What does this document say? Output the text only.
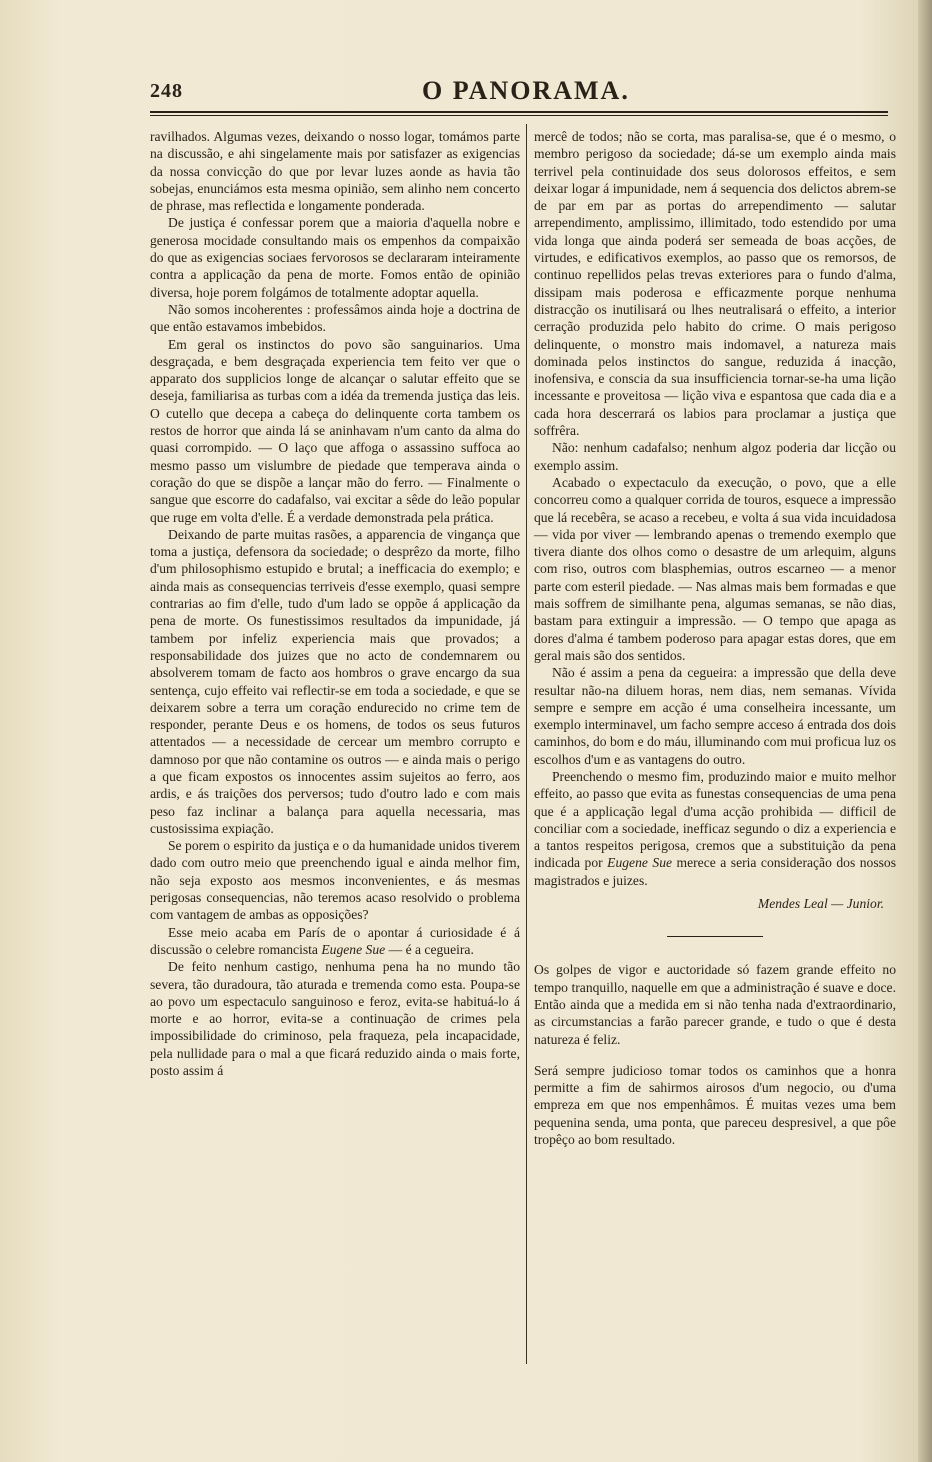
248	O PANORAMA.

ravilhados. Algumas vezes, deixando o nosso logar, tomámos parte na discussão, e ahi singelamente mais por satisfazer as exigencias da nossa convicção do que por levar luzes aonde as havia tão sobejas, enunciámos esta mesma opinião, sem alinho nem concerto de phrase, mas reflectida e longamente ponderada.

De justiça é confessar porem que a maioria d'aquella nobre e generosa mocidade consultando mais os empenhos da compaixão do que as exigencias sociaes fervorosos se declararam inteiramente contra a applicação da pena de morte. Fomos então de opinião diversa, hoje porem folgámos de totalmente adoptar aquella.

Não somos incoherentes : professâmos ainda hoje a doctrina de que então estavamos imbebidos.

Em geral os instinctos do povo são sanguinarios. Uma desgraçada, e bem desgraçada experiencia tem feito ver que o apparato dos supplicios longe de alcançar o salutar effeito que se deseja, familiarisa as turbas com a idéa da tremenda justiça das leis. O cutello que decepa a cabeça do delinquente corta tambem os restos de horror que ainda lá se aninhavam n'um canto da alma do quasi corrompido. — O laço que affoga o assassino suffoca ao mesmo passo um vislumbre de piedade que temperava ainda o coração do que se dispõe a lançar mão do ferro. — Finalmente o sangue que escorre do cadafalso, vai excitar a sêde do leão popular que ruge em volta d'elle. É a verdade demonstrada pela prática.

Deixando de parte muitas rasões, a apparencia de vingança que toma a justiça, defensora da sociedade; o desprêzo da morte, filho d'um philosophismo estupido e brutal; a inefficacia do exemplo; e ainda mais as consequencias terriveis d'esse exemplo, quasi sempre contrarias ao fim d'elle, tudo d'um lado se oppõe á applicação da pena de morte. Os funestissimos resultados da impunidade, já tambem por infeliz experiencia mais que provados; a responsabilidade dos juizes que no acto de condemnarem ou absolverem tomam de facto aos hombros o grave encargo da sua sentença, cujo effeito vai reflectir-se em toda a sociedade, e que se deixarem sobre a terra um coração endurecido no crime tem de responder, perante Deus e os homens, de todos os seus futuros attentados — a necessidade de cercear um membro corrupto e damnoso por que não contamine os outros — e ainda mais o perigo a que ficam expostos os innocentes assim sujeitos ao ferro, aos ardis, e ás traições dos perversos; tudo d'outro lado e com mais peso faz inclinar a balança para aquella necessaria, mas custosissima expiação.

Se porem o espirito da justiça e o da humanidade unidos tiverem dado com outro meio que preenchendo igual e ainda melhor fim, não seja exposto aos mesmos inconvenientes, e ás mesmas perigosas consequencias, não teremos acaso resolvido o problema com vantagem de ambas as opposições?

Esse meio acaba em París de o apontar á curiosidade é á discussão o celebre romancista Eugene Sue — é a cegueira.

De feito nenhum castigo, nenhuma pena ha no mundo tão severa, tão duradoura, tão aturada e tremenda como esta. Poupa-se ao povo um espectaculo sanguinoso e feroz, evita-se habituá-lo á morte e ao horror, evita-se a continuação de crimes pela impossibilidade do criminoso, pela fraqueza, pela incapacidade, pela nullidade para o mal a que ficará reduzido ainda o mais forte, posto assim á

mercê de todos; não se corta, mas paralisa-se, que é o mesmo, o membro perigoso da sociedade; dá-se um exemplo ainda mais terrivel pela continuidade dos seus dolorosos effeitos, e sem deixar logar á impunidade, nem á sequencia dos delictos abrem-se de par em par as portas do arrependimento — salutar arrependimento, amplissimo, illimitado, todo estendido por uma vida longa que ainda poderá ser semeada de boas acções, de virtudes, e edificativos exemplos, ao passo que os remorsos, de continuo repellidos pelas trevas exteriores para o fundo d'alma, dissipam mais poderosa e efficazmente porque nenhuma distracção os inutilisará ou lhes neutralisará o effeito, a interior cerração produzida pelo habito do crime. O mais perigoso delinquente, o monstro mais indomavel, a natureza mais dominada pelos instinctos do sangue, reduzida á inacção, inofensiva, e conscia da sua insufficiencia tornar-se-ha uma lição incessante e proveitosa — lição viva e espantosa que cada dia e a cada hora descerrará os labios para proclamar a justiça que soffrêra.

Não: nenhum cadafalso; nenhum algoz poderia dar licção ou exemplo assim.

Acabado o expectaculo da execução, o povo, que a elle concorreu como a qualquer corrida de touros, esquece a impressão que lá recebêra, se acaso a recebeu, e volta á sua vida incuidadosa — vida por viver — lembrando apenas o tremendo exemplo que tivera diante dos olhos como o desastre de um arlequim, alguns com riso, outros com blasphemias, outros escarneo — a menor parte com esteril piedade. — Nas almas mais bem formadas e que mais soffrem de similhante pena, algumas semanas, se não dias, bastam para extinguir a impressão. — O tempo que apaga as dores d'alma é tambem poderoso para apagar estas dores, que em geral mais são dos sentidos.

Não é assim a pena da cegueira: a impressão que della deve resultar não-na diluem horas, nem dias, nem semanas. Vívida sempre e sempre em acção é uma conselheira incessante, um exemplo interminavel, um facho sempre acceso á entrada dos dois caminhos, do bom e do máu, illuminando com mui proficua luz os escolhos d'um e as vantagens do outro.

Preenchendo o mesmo fim, produzindo maior e muito melhor effeito, ao passo que evita as funestas consequencias de uma pena que é a applicação legal d'uma acção prohibida — difficil de conciliar com a sociedade, inefficaz segundo o diz a experiencia e a tantos respeitos perigosa, cremos que a substituição da pena indicada por Eugene Sue merece a seria consideração dos nossos magistrados e juizes.

Mendes Leal — Junior.

Os golpes de vigor e auctoridade só fazem grande effeito no tempo tranquillo, naquelle em que a administração é suave e doce. Então ainda que a medida em si não tenha nada d'extraordinario, as circumstancias a farão parecer grande, e tudo o que é desta natureza é feliz.

Será sempre judicioso tomar todos os caminhos que a honra permitte a fim de sahirmos airosos d'um negocio, ou d'uma empreza em que nos empenhâmos. É muitas vezes uma bem pequenina senda, uma ponta, que pareceu despresivel, a que pôe tropêço ao bom resultado.
